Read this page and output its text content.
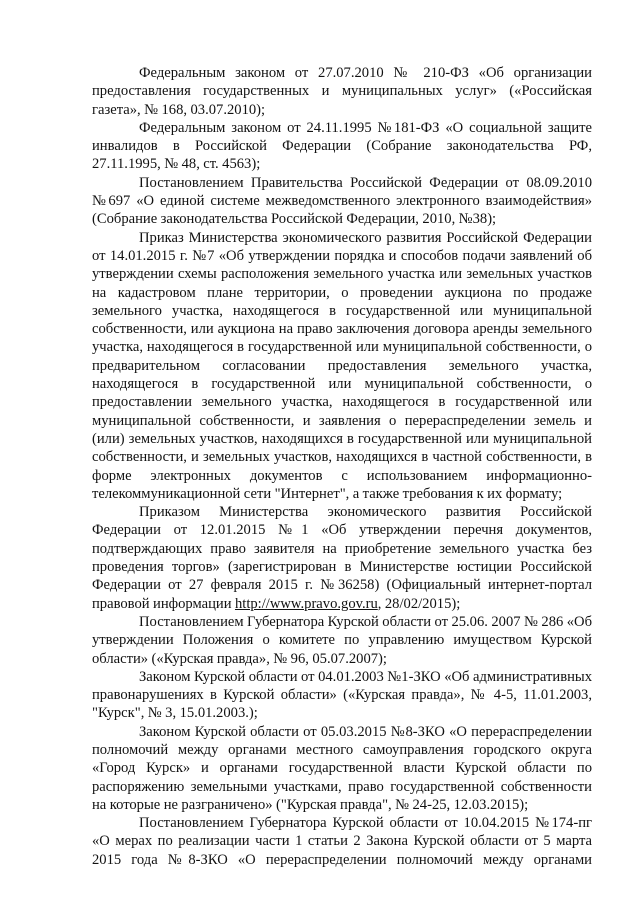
Федеральным законом от 27.07.2010 № 210-ФЗ «Об организации предоставления государственных и муниципальных услуг» («Российская газета», № 168, 03.07.2010);

Федеральным законом от 24.11.1995 №181-ФЗ «О социальной защите инвалидов в Российской Федерации (Собрание законодательства РФ, 27.11.1995, № 48, ст. 4563);

Постановлением Правительства Российской Федерации от 08.09.2010 №697 «О единой системе межведомственного электронного взаимодействия» (Собрание законодательства Российской Федерации, 2010, №38);

Приказ Министерства экономического развития Российской Федерации от 14.01.2015 г. №7 «Об утверждении порядка и способов подачи заявлений об утверждении схемы расположения земельного участка или земельных участков на кадастровом плане территории, о проведении аукциона по продаже земельного участка, находящегося в государственной или муниципальной собственности, или аукциона на право заключения договора аренды земельного участка, находящегося в государственной или муниципальной собственности, о предварительном согласовании предоставления земельного участка, находящегося в государственной или муниципальной собственности, о предоставлении земельного участка, находящегося в государственной или муниципальной собственности, и заявления о перераспределении земель и (или) земельных участков, находящихся в государственной или муниципальной собственности, и земельных участков, находящихся в частной собственности, в форме электронных документов с использованием информационно-телекоммуникационной сети "Интернет", а также требования к их формату;

Приказом Министерства экономического развития Российской Федерации от 12.01.2015 №1 «Об утверждении перечня документов, подтверждающих право заявителя на приобретение земельного участка без проведения торгов» (зарегистрирован в Министерстве юстиции Российской Федерации от 27 февраля 2015 г. №36258) (Официальный интернет-портал правовой информации http://www.pravo.gov.ru, 28/02/2015);

Постановлением Губернатора Курской области от 25.06. 2007 № 286 «Об утверждении Положения о комитете по управлению имуществом Курской области» («Курская правда», № 96, 05.07.2007);

Законом Курской области от 04.01.2003 №1-ЗКО «Об административных правонарушениях в Курской области» («Курская правда», № 4-5, 11.01.2003, "Курск", № 3, 15.01.2003.);

Законом Курской области от 05.03.2015 №8-ЗКО «О перераспределении полномочий между органами местного самоуправления городского округа «Город Курск» и органами государственной власти Курской области по распоряжению земельными участками, право государственной собственности на которые не разграничено» ("Курская правда", № 24-25, 12.03.2015);

Постановлением Губернатора Курской области от 10.04.2015 №174-пг «О мерах по реализации части 1 статьи 2 Закона Курской области от 5 марта 2015 года №8-ЗКО «О перераспределении полномочий между органами
